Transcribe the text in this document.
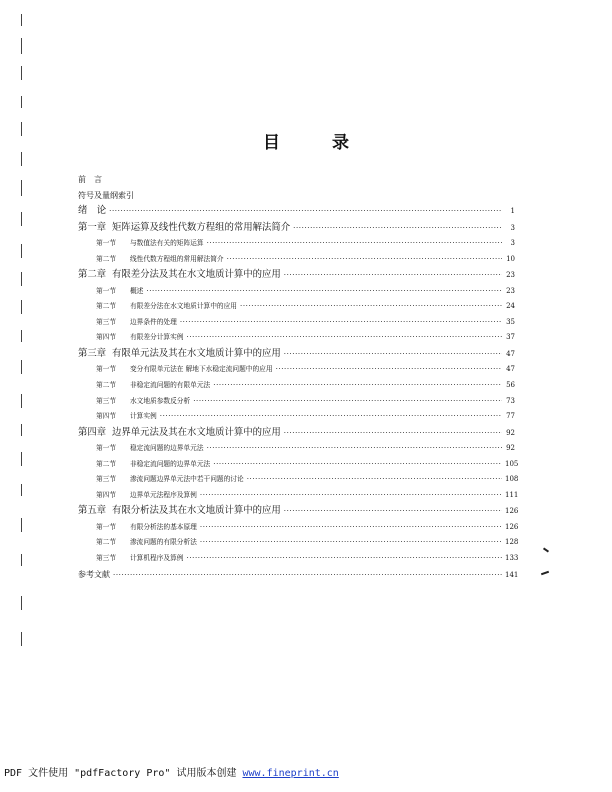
目	录
前　言
符号及量纲索引
绪　论 ·····	1
第一章 矩阵运算及线性代数方程组的常用解法简介 ·····	3
第一节	与数值法有关的矩阵运算 ·····	3
第二节	线性代数方程组的常用解法简介 ·····	10
第二章 有限差分法及其在水文地质计算中的应用 ·····	23
第一节	概述 ·····	23
第二节	有限差分法在水文地质计算中的应用 ·····	24
第三节	边界条件的处理 ·····	35
第四节	有限差分计算实例 ·····	37
第三章 有限单元法及其在水文地质计算中的应用 ·····	47
第一节	变分有限单元法在 解地下水稳定流问题中的应用 ·····	47
第二节	非稳定流问题的有限单元法 ·····	56
第三节	水文地质参数反分析 ·····	73
第四节	计算实例 ·····	77
第四章 边界单元法及其在水文地质计算中的应用 ·····	92
第一节	稳定流问题的边界单元法 ·····	92
第二节	非稳定流问题的边界单元法 ·····	105
第三节	渗流问题边界单元法中若干问题的讨论 ·····	108
第四节	边界单元法程序及算例 ·····	111
第五章 有限分析法及其在水文地质计算中的应用 ·····	126
第一节	有限分析法的基本原理 ·····	126
第二节	渗流问题的有限分析法 ·····	128
第三节	计算机程序及算例 ·····	133
参考文献 ·····	141
PDF 文件使用 "pdfFactory Pro" 试用版本创建 www.fineprint.cn
